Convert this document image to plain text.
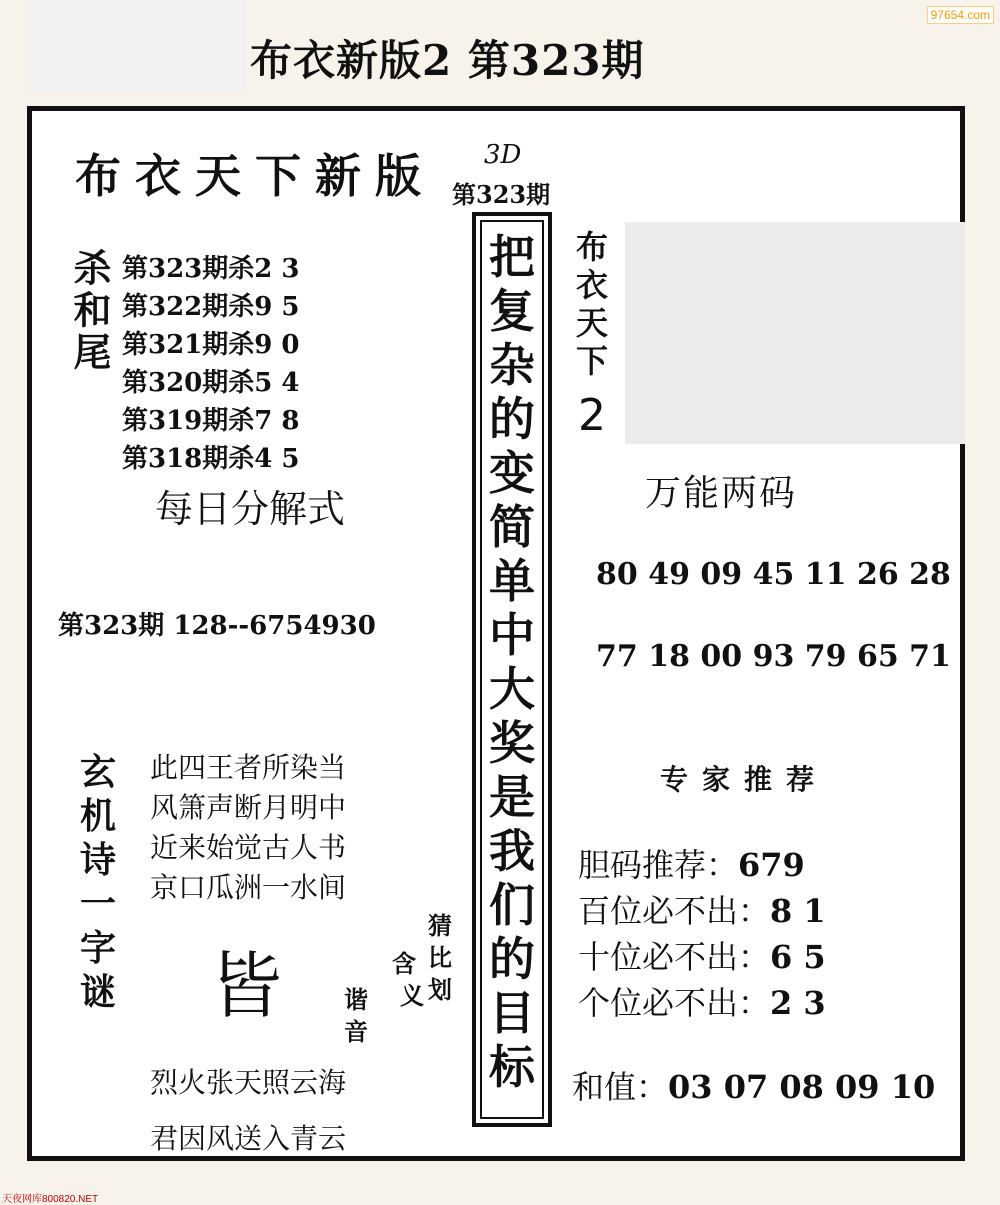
布衣新版2 第323期
97654.com
布衣天下新版 3D
第323期
杀和尾 第323期杀2 3
第322期杀9 5
第321期杀9 0
第320期杀5 4
第319期杀7 8
第318期杀4 5
每日分解式
第323期 128--6754930
玄机诗一字谜
此四王者所染当
风箫声断月明中
近来始觉古人书
京口瓜洲一水间
皆
猜
比
划
含
义
谐
音
烈火张天照云海
君因风送入青云
把
复
杂
的
变
简
单
中
大
奖
是
我
们
的
目
标
布衣天下
2
万能两码
80 49 09 45 11 26 28
77 18 00 93 79 65 71
专家推荐
胆码推荐：679
百位必不出：8 1
十位必不出：6 5
个位必不出：2 3
和值：03 07 08 09 10
天夜网库800820.NET
